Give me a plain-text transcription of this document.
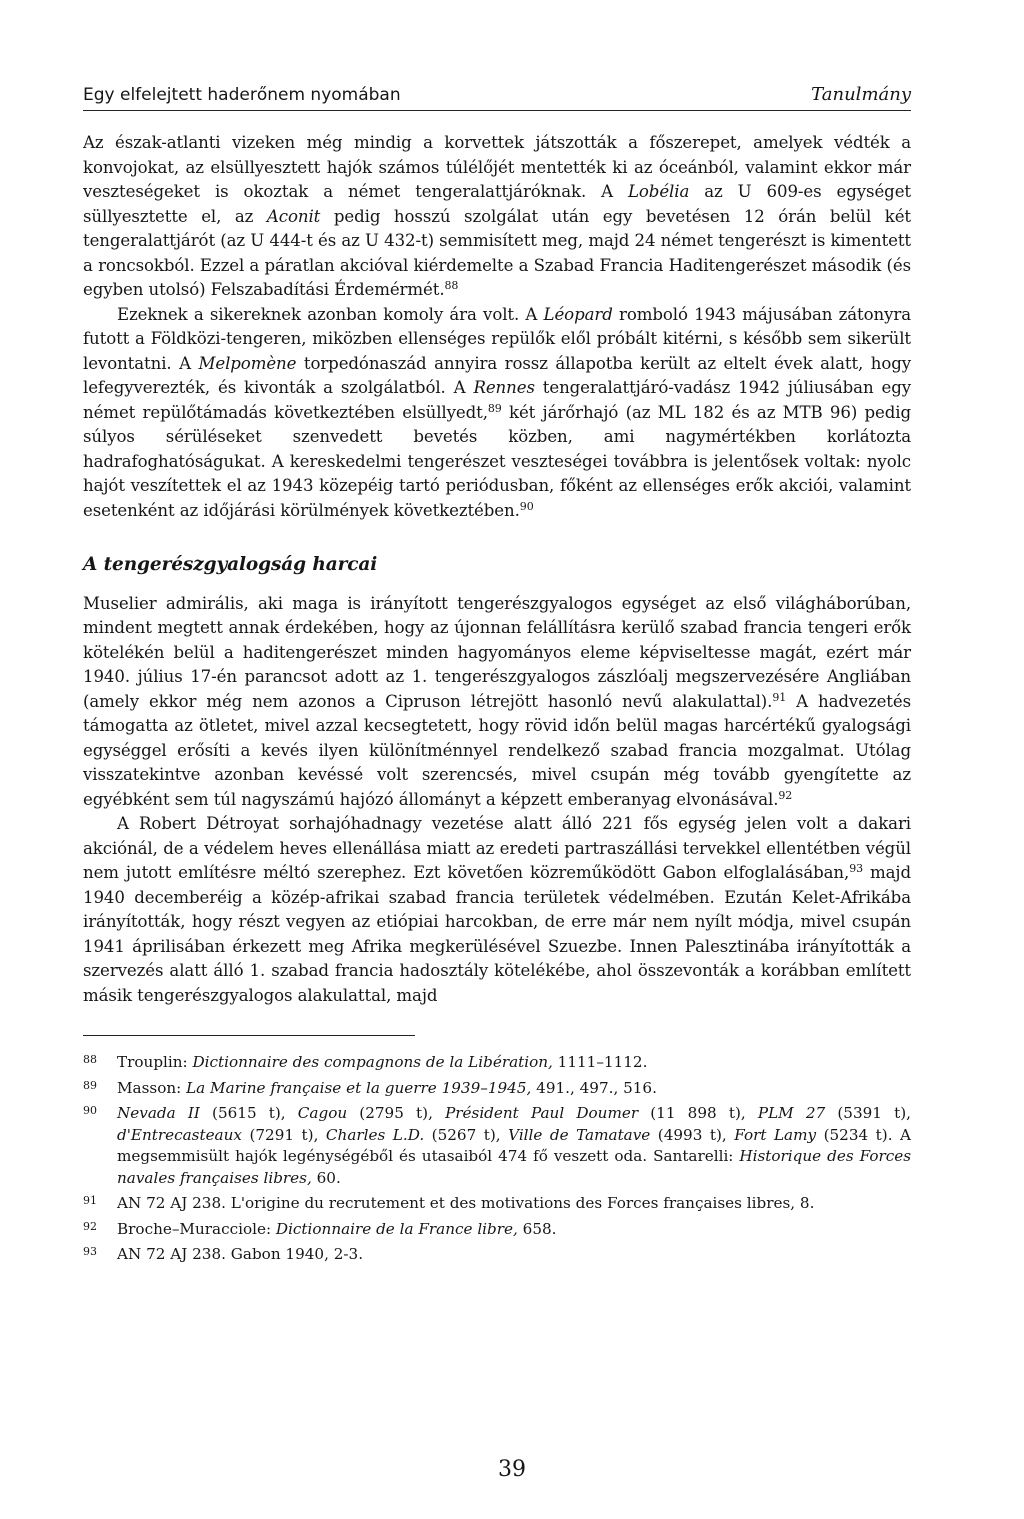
Egy elfelejtett haderőnem nyomában	Tanulmány

Az észak-atlanti vizeken még mindig a korvettek játszották a főszerepet, amelyek védték a konvojokat, az elsüllyesztett hajók számos túlélőjét mentették ki az óceánból, valamint ekkor már veszteségeket is okoztak a német tengeralattjáróknak. A Lobélia az U 609-es egységet süllyesztette el, az Aconit pedig hosszú szolgálat után egy bevetésen 12 órán belül két tengeralattjárót (az U 444-t és az U 432-t) semmisített meg, majd 24 német tengerészt is kimentett a roncsokból. Ezzel a páratlan akcióval kiérdemelte a Szabad Francia Haditengerészet második (és egyben utolsó) Felszabadítási Érdemérmét.$^{88}$

Ezeknek a sikereknek azonban komoly ára volt. A Léopard romboló 1943 májusában zátonyra futott a Földközi-tengeren, miközben ellenséges repülők elől próbált kitérni, s később sem sikerült levontatni. A Melpomène torpedónaszád annyira rossz állapotba került az eltelt évek alatt, hogy lefegyverezték, és kivonták a szolgálatból. A Rennes tengeralattjáró-vadász 1942 júliusában egy német repülőtámadás következtében elsüllyedt,$^{89}$ két járőrhajó (az ML 182 és az MTB 96) pedig súlyos sérüléseket szenvedett bevetés közben, ami nagymértékben korlátozta hadrafoghatóságukat. A kereskedelmi tengerészet veszteségei továbbra is jelentősek voltak: nyolc hajót veszítettek el az 1943 közepéig tartó periódusban, főként az ellenséges erők akciói, valamint esetenként az időjárási körülmények következtében.$^{90}$

A tengerészgyalogság harcai

Muselier admirális, aki maga is irányított tengerészgyalogos egységet az első világháborúban, mindent megtett annak érdekében, hogy az újonnan felállításra kerülő szabad francia tengeri erők kötelékén belül a haditengerészet minden hagyományos eleme képviseltesse magát, ezért már 1940. július 17-én parancsot adott az 1. tengerészgyalogos zászlóalj megszervezésére Angliában (amely ekkor még nem azonos a Cipruson létrejött hasonló nevű alakulattal).$^{91}$ A hadvezetés támogatta az ötletet, mivel azzal kecsegtetett, hogy rövid időn belül magas harcértékű gyalogsági egységgel erősíti a kevés ilyen különítménnyel rendelkező szabad francia mozgalmat. Utólag visszatekintve azonban kevéssé volt szerencsés, mivel csupán még tovább gyengítette az egyébként sem túl nagyszámú hajózó állományt a képzett emberanyag elvonásával.$^{92}$

A Robert Détroyat sorhajóhadnagy vezetése alatt álló 221 fős egység jelen volt a dakari akciónál, de a védelem heves ellenállása miatt az eredeti partraszállási tervekkel ellentétben végül nem jutott említésre méltó szerephez. Ezt követően közreműködött Gabon elfoglalásában,$^{93}$ majd 1940 decemberéig a közép-afrikai szabad francia területek védelmében. Ezután Kelet-Afrikába irányították, hogy részt vegyen az etiópiai harcokban, de erre már nem nyílt módja, mivel csupán 1941 áprilisában érkezett meg Afrika megkerülésével Szuezbe. Innen Palesztinába irányították a szervezés alatt álló 1. szabad francia hadosztály kötelékébe, ahol összevonták a korábban említett másik tengerészgyalogos alakulattal, majd

88	Trouplin: Dictionnaire des compagnons de la Libération, 1111–1112.
89	Masson: La Marine française et la guerre 1939–1945, 491., 497., 516.
90	Nevada II (5615 t), Cagou (2795 t), Président Paul Doumer (11 898 t), PLM 27 (5391 t), d'Entrecasteaux (7291 t), Charles L.D. (5267 t), Ville de Tamatave (4993 t), Fort Lamy (5234 t). A megsemmisült hajók legénységéből és utasaiból 474 fő veszett oda. Santarelli: Historique des Forces navales françaises libres, 60.
91	AN 72 AJ 238. L'origine du recrutement et des motivations des Forces françaises libres, 8.
92	Broche–Muracciole: Dictionnaire de la France libre, 658.
93	AN 72 AJ 238. Gabon 1940, 2-3.
39
